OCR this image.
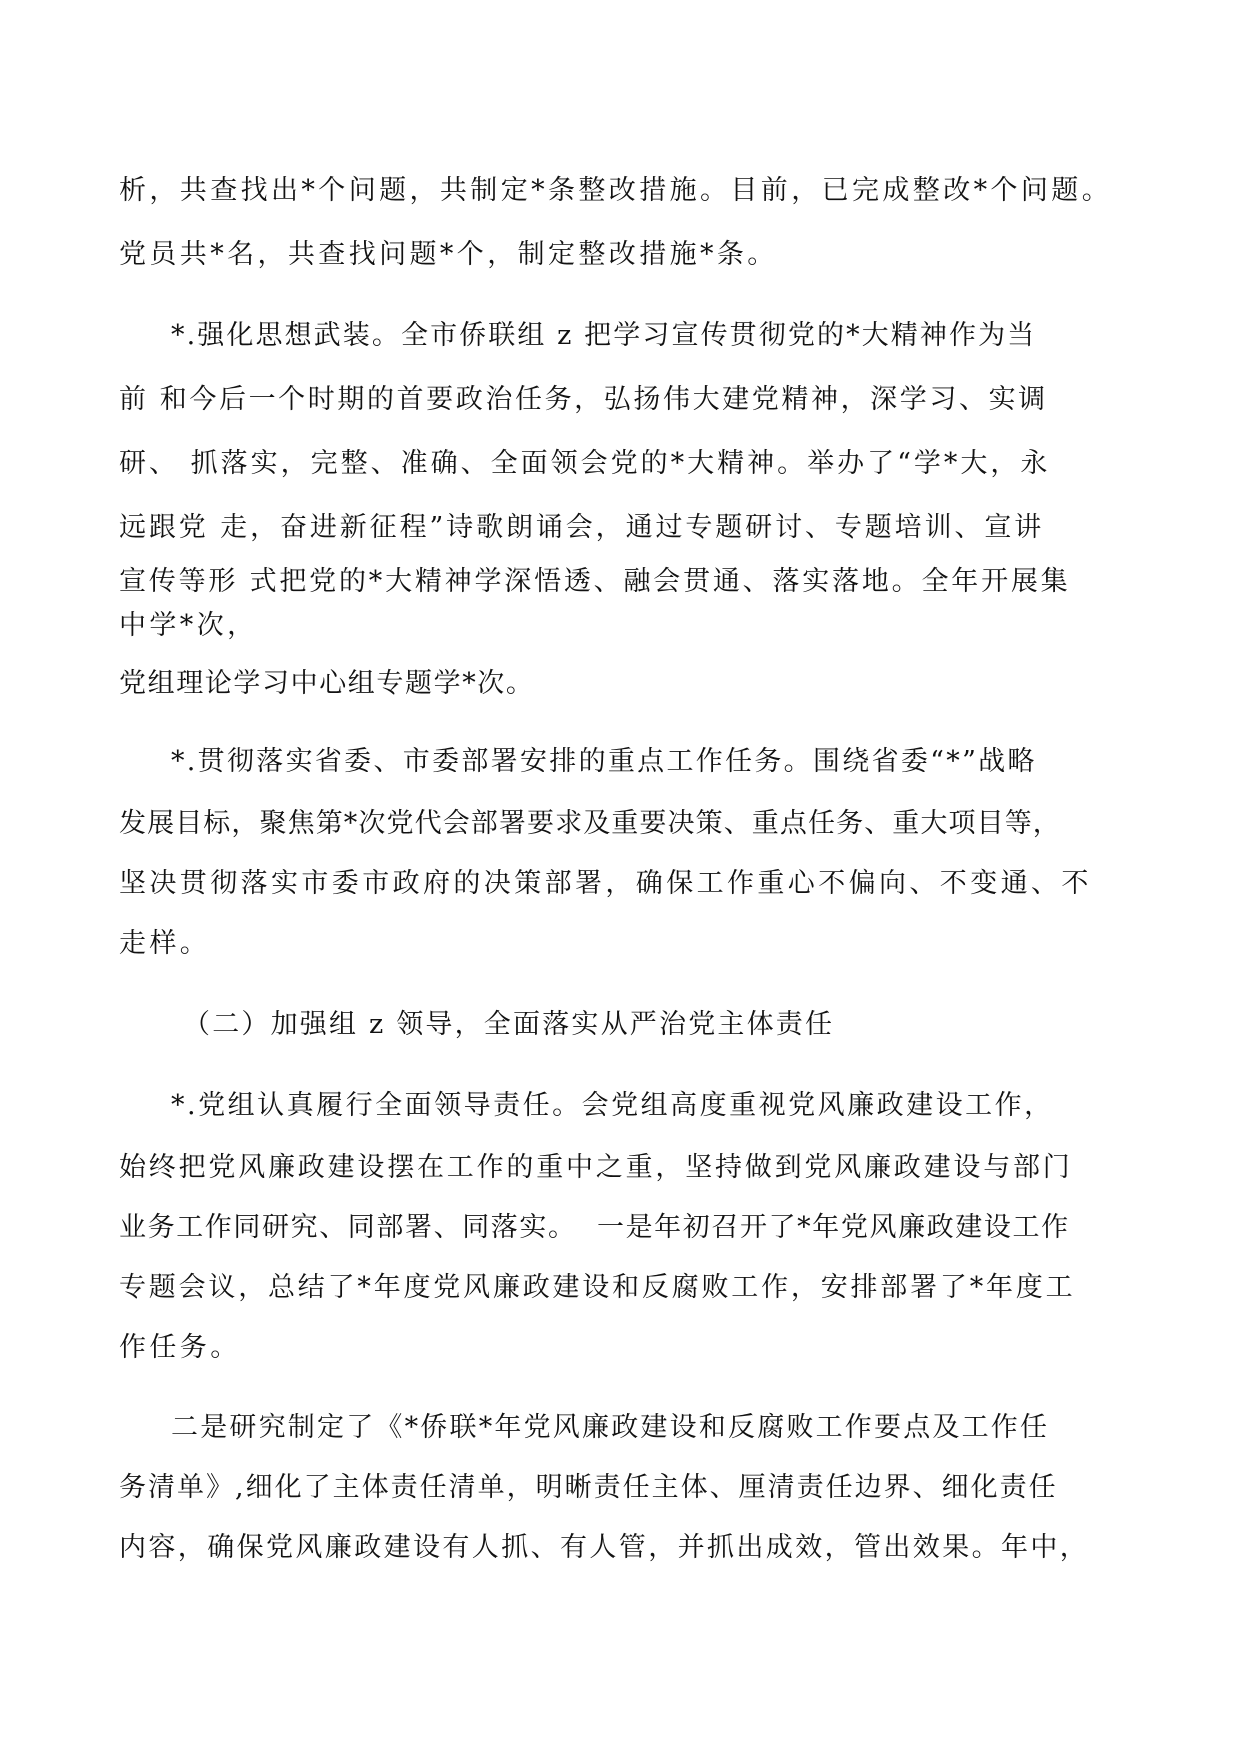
析，共查找出*个问题，共制定*条整改措施。目前，已完成整改*个问题。
党员共*名，共查找问题*个，制定整改措施*条。
*.强化思想武装。全市侨联组 z 把学习宣传贯彻党的*大精神作为当
前 和今后一个时期的首要政治任务，弘扬伟大建党精神，深学习、实调
研、 抓落实，完整、准确、全面领会党的*大精神。举办了“学*大，永
远跟党 走，奋进新征程”诗歌朗诵会，通过专题研讨、专题培训、宣讲
宣传等形 式把党的*大精神学深悟透、融会贯通、落实落地。全年开展集
中学*次，
党组理论学习中心组专题学*次。
*.贯彻落实省委、市委部署安排的重点工作任务。围绕省委“*”战略
发展目标，聚焦第*次党代会部署要求及重要决策、重点任务、重大项目等，
坚决贯彻落实市委市政府的决策部署，确保工作重心不偏向、不变通、不
走样。
（二）加强组 z 领导，全面落实从严治党主体责任
*.党组认真履行全面领导责任。会党组高度重视党风廉政建设工作，
始终把党风廉政建设摆在工作的重中之重，坚持做到党风廉政建设与部门
业务工作同研究、同部署、同落实。  一是年初召开了*年党风廉政建设工作
专题会议，总结了*年度党风廉政建设和反腐败工作，安排部署了*年度工
作任务。
二是研究制定了《*侨联*年党风廉政建设和反腐败工作要点及工作任
务清单》,细化了主体责任清单，明晰责任主体、厘清责任边界、细化责任
内容，确保党风廉政建设有人抓、有人管，并抓出成效，管出效果。年中，
